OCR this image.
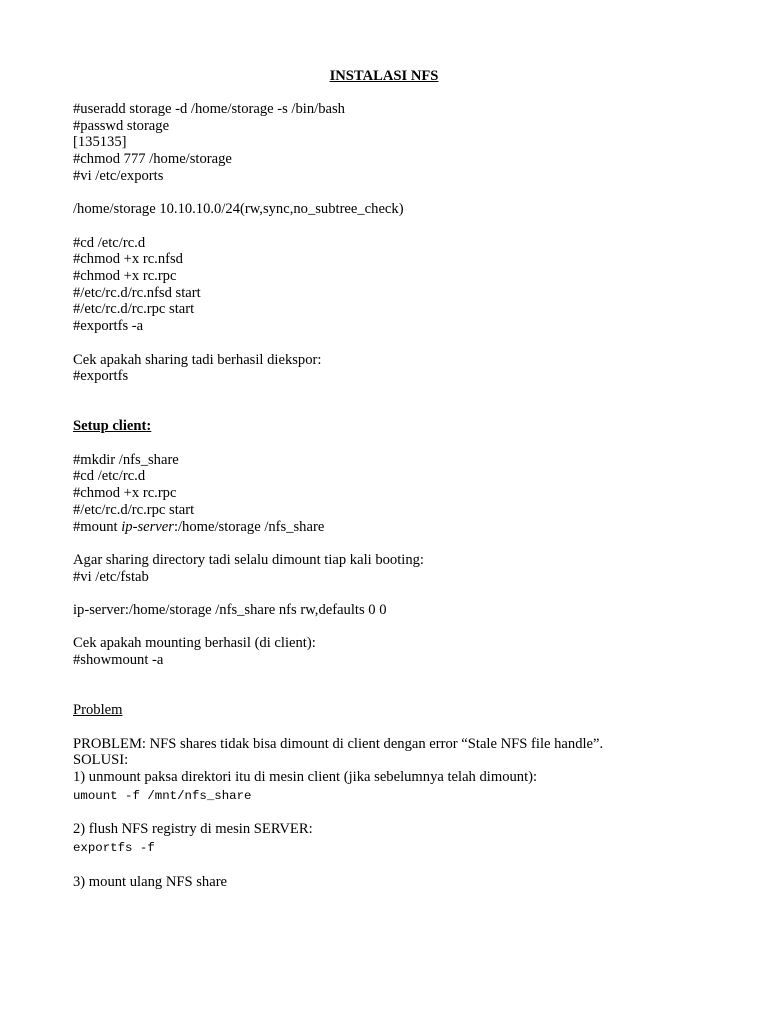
INSTALASI NFS
#useradd storage -d /home/storage -s /bin/bash
#passwd storage
[135135]
#chmod 777 /home/storage
#vi /etc/exports
/home/storage 10.10.10.0/24(rw,sync,no_subtree_check)
#cd /etc/rc.d
#chmod +x rc.nfsd
#chmod +x rc.rpc
#/etc/rc.d/rc.nfsd start
#/etc/rc.d/rc.rpc start
#exportfs -a
Cek apakah sharing tadi berhasil diekspor:
#exportfs
Setup client:
#mkdir /nfs_share
#cd /etc/rc.d
#chmod +x rc.rpc
#/etc/rc.d/rc.rpc start
#mount ip-server:/home/storage /nfs_share
Agar sharing directory tadi selalu dimount tiap kali booting:
#vi /etc/fstab
ip-server:/home/storage /nfs_share nfs rw,defaults 0 0
Cek apakah mounting berhasil (di client):
#showmount -a
Problem
PROBLEM: NFS shares tidak bisa dimount di client dengan error “Stale NFS file handle”.
SOLUSI:
1) unmount paksa direktori itu di mesin client (jika sebelumnya telah dimount):
umount -f /mnt/nfs_share
2) flush NFS registry di mesin SERVER:
exportfs -f
3) mount ulang NFS share
